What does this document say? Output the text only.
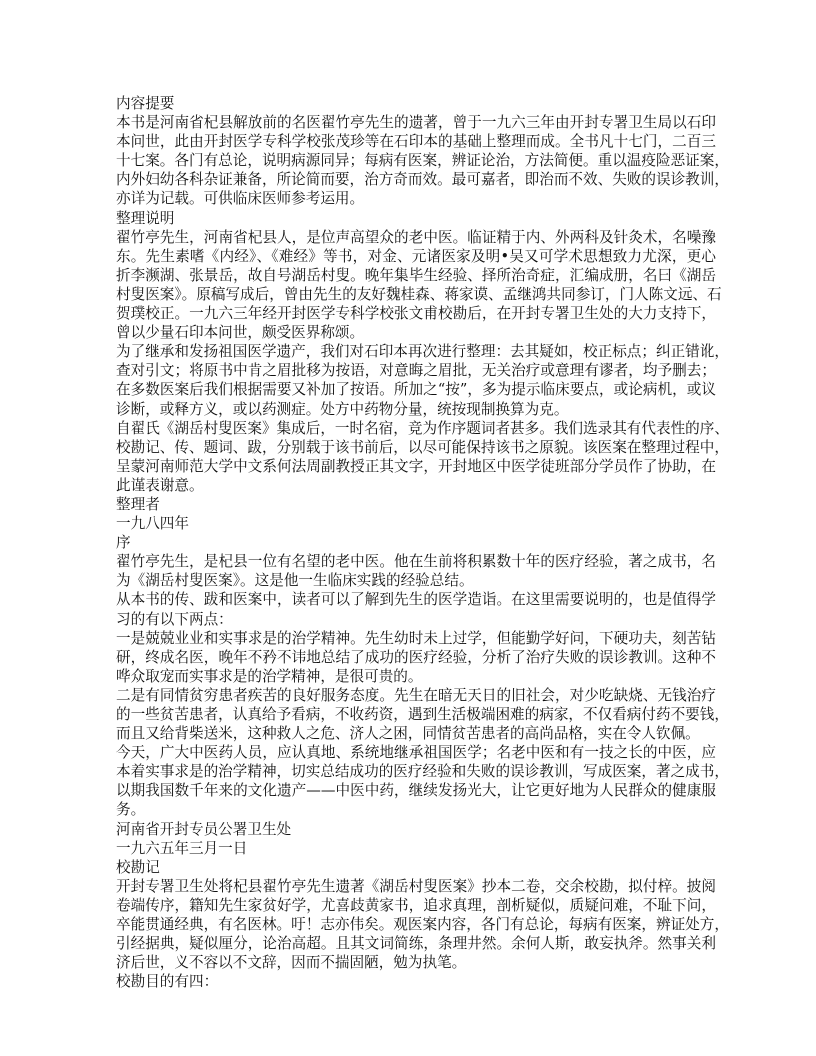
内容提要
本书是河南省杞县解放前的名医翟竹亭先生的遗著，曾于一九六三年由开封专署卫生局以石印
本问世，此由开封医学专科学校张茂珍等在石印本的基础上整理而成。全书凡十七门，二百三
十七案。各门有总论，说明病源同异；每病有医案，辨证论治，方法简便。重以温疫险恶证案，
内外妇幼各科杂证兼备，所论简而要，治方奇而效。最可嘉者，即治而不效、失败的误诊教训，
亦详为记载。可供临床医师参考运用。
整理说明
翟竹亭先生，河南省杞县人，是位声高望众的老中医。临证精于内、外两科及针灸术，名噪豫
东。先生素嗜《内经》、《难经》等书，对金、元诸医家及明•吴又可学术思想致力尤深，更心
折李濒湖、张景岳，故自号湖岳村叟。晚年集毕生经验、择所治奇症，汇编成册，名曰《湖岳
村叟医案》。原稿写成后，曾由先生的友好魏桂森、蒋家谟、孟继鸿共同参订，门人陈文远、石
贺璞校正。一九六三年经开封医学专科学校张文甫校勘后，在开封专署卫生处的大力支持下，
曾以少量石印本问世，颇受医界称颂。
为了继承和发扬祖国医学遗产，我们对石印本再次进行整理：去其疑如，校正标点；纠正错讹，
查对引文；将原书中肯之眉批移为按语，对意晦之眉批，无关治疗或意理有谬者，均予删去；
在多数医案后我们根据需要又补加了按语。所加之“按”，多为提示临床要点，或论病机，或议
诊断，或释方义，或以药测症。处方中药物分量，统按现制换算为克。
自翟氏《湖岳村叟医案》集成后，一时名宿，竞为作序题词者甚多。我们选录其有代表性的序、
校勘记、传、题词、跋，分别载于该书前后，以尽可能保持该书之原貌。该医案在整理过程中，
呈蒙河南师范大学中文系何法周副教授正其文字，开封地区中医学徒班部分学员作了协助，在
此谨表谢意。
整理者
一九八四年
序
翟竹亭先生，是杞县一位有名望的老中医。他在生前将积累数十年的医疗经验，著之成书，名
为《湖岳村叟医案》。这是他一生临床实践的经验总结。
从本书的传、跋和医案中，读者可以了解到先生的医学造诣。在这里需要说明的，也是值得学
习的有以下两点：
一是兢兢业业和实事求是的治学精神。先生幼时未上过学，但能勤学好问，下硬功夫，刻苦钻
研，终成名医，晚年不矜不讳地总结了成功的医疗经验，分析了治疗失败的误诊教训。这种不
哗众取宠而实事求是的治学精神，是很可贵的。
二是有同情贫穷患者疾苦的良好服务态度。先生在暗无天日的旧社会，对少吃缺烧、无钱治疗
的一些贫苦患者，认真给予看病，不收药资，遇到生活极端困难的病家，不仅看病付药不要钱，
而且又给背柴送米，这种救人之危、济人之困，同情贫苦患者的高尚品格，实在令人钦佩。
今天，广大中医药人员，应认真地、系统地继承祖国医学；名老中医和有一技之长的中医，应
本着实事求是的治学精神，切实总结成功的医疗经验和失败的误诊教训，写成医案，著之成书，
以期我国数千年来的文化遗产——中医中药，继续发扬光大，让它更好地为人民群众的健康服
务。
河南省开封专员公署卫生处
一九六五年三月一日
校勘记
开封专署卫生处将杞县翟竹亭先生遗著《湖岳村叟医案》抄本二卷，交余校勘，拟付梓。披阅
卷端传序，籍知先生家贫好学，尤喜歧黄家书，追求真理，剖析疑似，质疑问难，不耻下问，
卒能贯通经典，有名医林。吁！志亦伟矣。观医案内容，各门有总论，每病有医案，辨证处方，
引经据典，疑似厘分，论治高超。且其文词简练，条理井然。余何人斯，敢妄执斧。然事关利
济后世，义不容以不文辞，因而不揣固陋，勉为执笔。
校勘目的有四：
